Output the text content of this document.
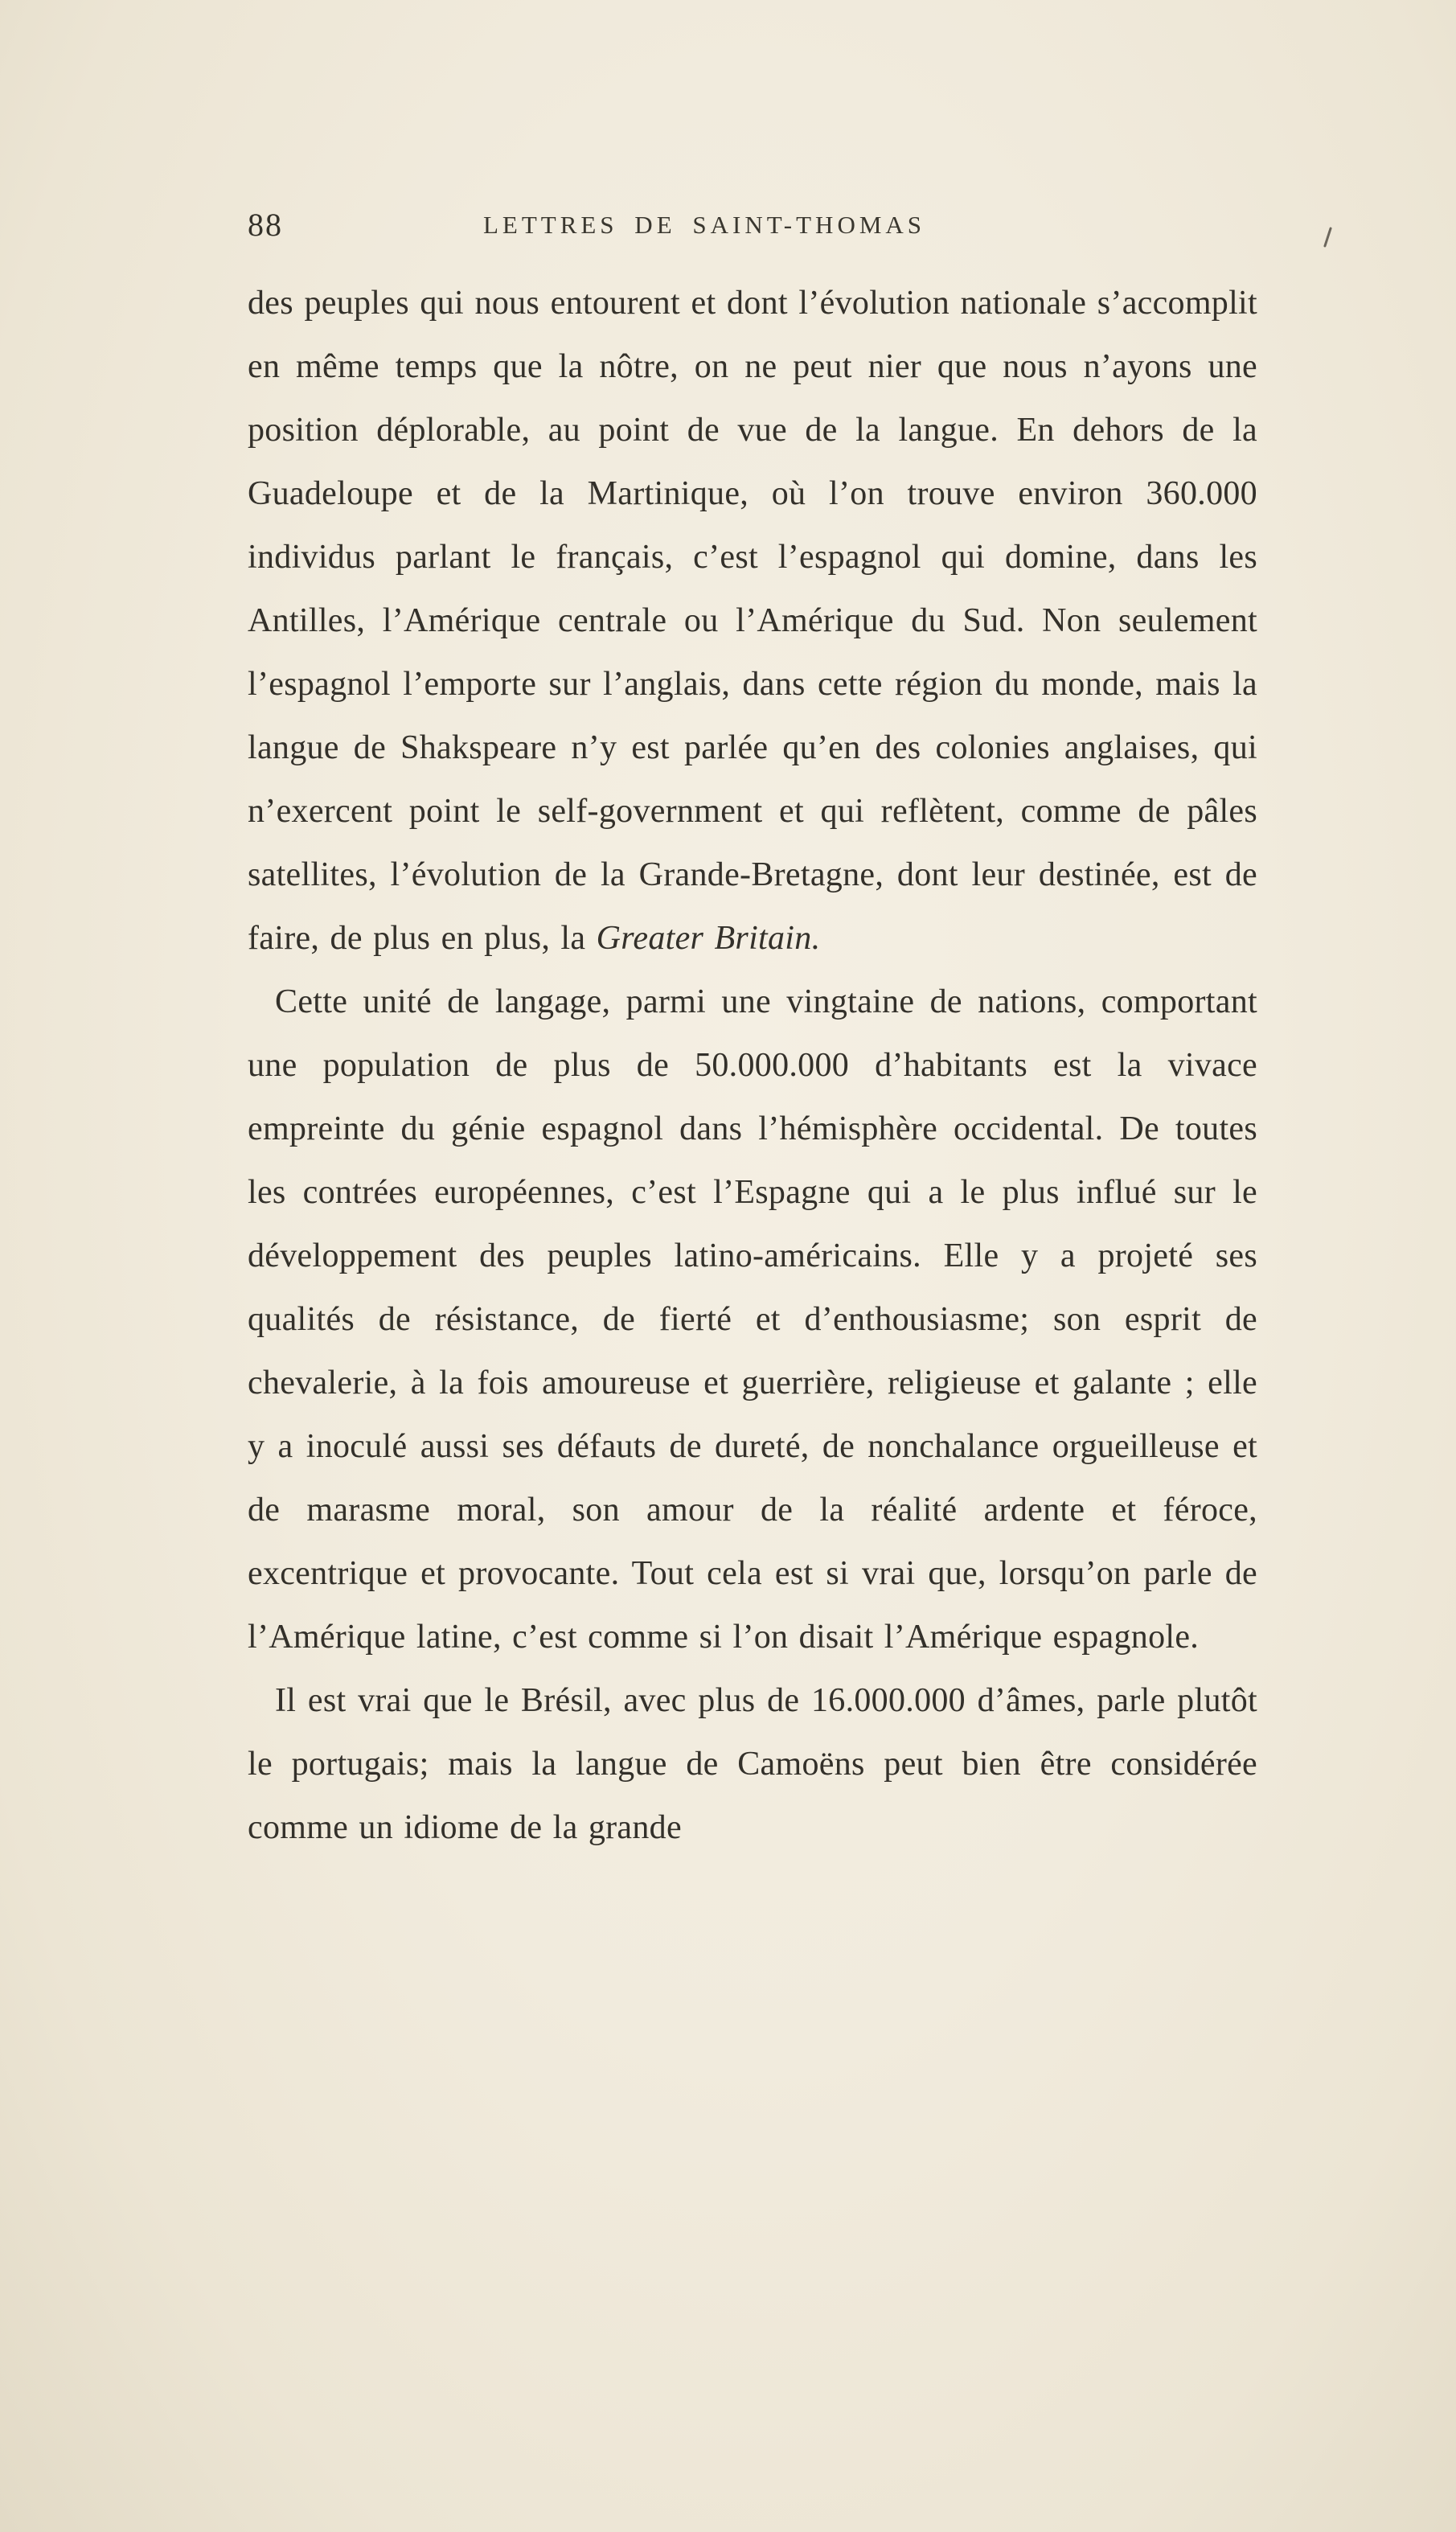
88	LETTRES DE SAINT-THOMAS

des peuples qui nous entourent et dont l’évolution nationale s’accomplit en même temps que la nôtre, on ne peut nier que nous n’ayons une position déplorable, au point de vue de la langue. En dehors de la Guadeloupe et de la Martinique, où l’on trouve environ 360.000 individus parlant le français, c’est l’espagnol qui domine, dans les Antilles, l’Amérique centrale ou l’Amérique du Sud. Non seulement l’espagnol l’emporte sur l’anglais, dans cette région du monde, mais la langue de Shakspeare n’y est parlée qu’en des colonies anglaises, qui n’exercent point le self-government et qui reflètent, comme de pâles satellites, l’évolution de la Grande-Bretagne, dont leur destinée, est de faire, de plus en plus, la Greater Britain.

Cette unité de langage, parmi une vingtaine de nations, comportant une population de plus de 50.000.000 d’habitants est la vivace empreinte du génie espagnol dans l’hémisphère occidental. De toutes les contrées européennes, c’est l’Espagne qui a le plus influé sur le développement des peuples latino-américains. Elle y a projeté ses qualités de résistance, de fierté et d’enthousiasme; son esprit de chevalerie, à la fois amoureuse et guerrière, religieuse et galante ; elle y a inoculé aussi ses défauts de dureté, de nonchalance orgueilleuse et de marasme moral, son amour de la réalité ardente et féroce, excentrique et provocante. Tout cela est si vrai que, lorsqu’on parle de l’Amérique latine, c’est comme si l’on disait l’Amérique espagnole.

Il est vrai que le Brésil, avec plus de 16.000.000 d’âmes, parle plutôt le portugais; mais la langue de Camoëns peut bien être considérée comme un idiome de la grande
